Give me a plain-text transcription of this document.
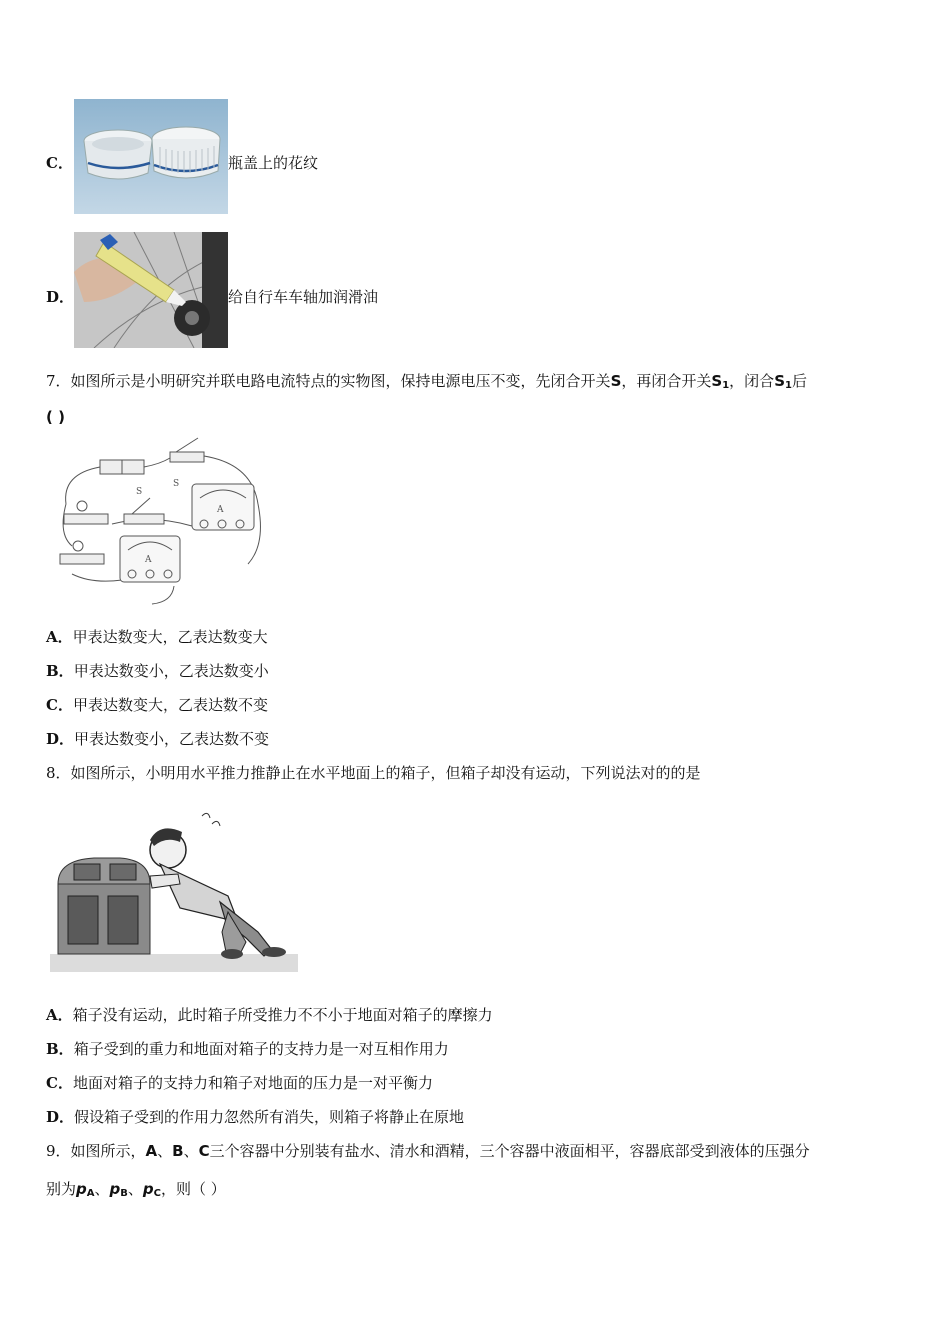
C．	瓶盖上的花纹
D．	给自行车车轴加润滑油
7．如图所示是小明研究并联电路电流特点的实物图，保持电源电压不变，先闭合开关S，再闭合开关$S_1$，闭合$S_1$后
( )
S
S
A
A
A．甲表达数变大，乙表达数变大
B．甲表达数变小，乙表达数变小
C．甲表达数变大，乙表达数不变
D．甲表达数变小，乙表达数不变
8．如图所示，小明用水平推力推静止在水平地面上的箱子，但箱子却没有运动，下列说法对的的是
A．箱子没有运动，此时箱子所受推力不不小于地面对箱子的摩擦力
B．箱子受到的重力和地面对箱子的支持力是一对互相作用力
C．地面对箱子的支持力和箱子对地面的压力是一对平衡力
D．假设箱子受到的作用力忽然所有消失，则箱子将静止在原地
9．如图所示，A、B、C三个容器中分别装有盐水、清水和酒精，三个容器中液面相平，容器底部受到液体的压强分
别为$p_A$、$p_B$、$p_C$，则（ ）
